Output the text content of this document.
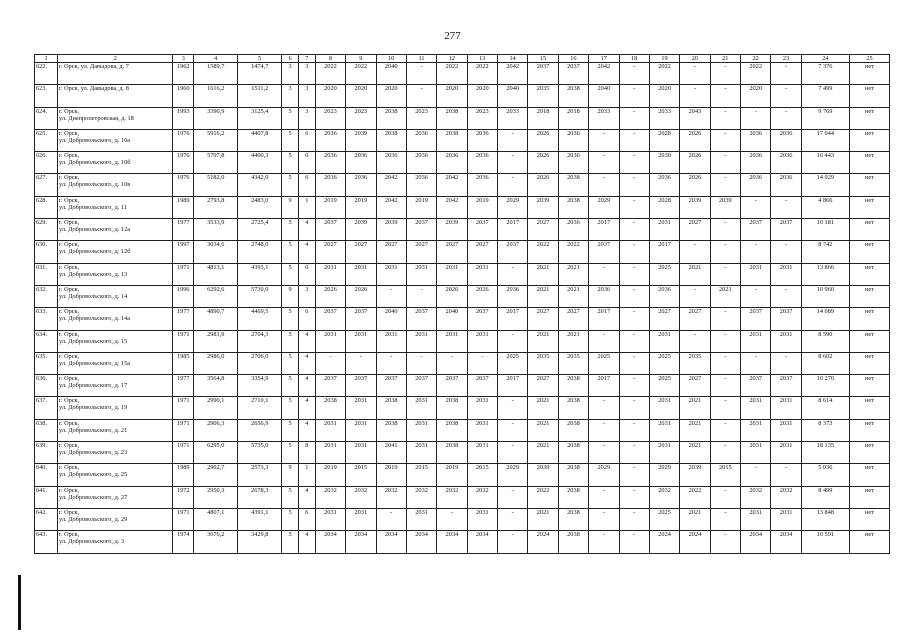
277
1	2	3	4	5	6	7	8	9	10	11	12	13	14	15	16	17	18	19	20	21	22	23	24	25
622.	г. Орск, ул. Давыдова, д. 7	1962	1589,7	1474,7	3	3	2022	2022	2040	-	2022	2022	2042	2037	2037	2042	-	2022	-	-	2022	-	7 376	нет
623.	г. Орск, ул. Давыдова, д. 8	1960	1616,2	1511,2	3	3	2020	2020	2020	-	2020	2020	2040	2035	2038	2040	-	2020	-	-	2020	-	7 499	нет
624.	г. Орск,
ул. Днепропетровская, д. 18	1993	3390,9	3125,4	5	3	2023	2023	2038	2023	2038	2023	2033	2018	2018	2033	-	2033	2043	-	-	-	9 769	нет
625.	г. Орск,
ул. Добровольского, д. 10а	1976	5916,2	4407,8	5	6	2036	2039	2038	2036	2038	2036	-	2026	2036	-	-	2028	2026	-	2036	2036	17 044	нет
626.	г. Орск,
ул. Добровольского, д. 10б	1976	5707,8	4400,3	5	6	2036	2036	2036	2036	2036	2036	-	2026	2036	-	-	2030	2026	-	2036	2036	16 443	нет
627.	г. Орск,
ул. Добровольского, д. 10в	1976	5182,0	4342,0	5	6	2036	2036	2042	2036	2042	2036	-	2026	2038	-	-	2036	2026	-	2036	2036	14 929	нет
628.	г. Орск,
ул. Добровольского, д. 11	1989	2793,8	2483,0	9	1	2019	2019	2042	2019	2042	2019	2029	2039	2038	2029	-	2028	2039	2039	-	-	4 866	нет
629.	г. Орск,
ул. Добровольского, д. 12а	1977	3533,9	2725,4	5	4	2037	2039	2039	2037	2039	2037	2017	2027	2036	2017	-	2031	2027	-	2037	2037	10 181	нет
630.	г. Орск,
ул. Добровольского, д. 12б	1997	3034,6	2748,0	5	4	2027	2027	2027	2027	2027	2027	2037	2022	2022	2037	-	2017	-	-	-	-	8 742	нет
631.	г. Орск,
ул. Добровольского, д. 13	1971	4813,1	4393,1	5	6	2031	2031	2031	2031	2031	2031	-	2021	2021	-	-	2025	2021	-	2031	2031	13 866	нет
632.	г. Орск,
ул. Добровольского, д. 14	1996	6292,6	5730,0	9	3	2026	2026	-	-	2026	2026	2036	2021	2021	2036	-	2036	-	2021	-	-	10 960	нет
633.	г. Орск,
ул. Добровольского, д. 14а	1977	4890,7	4469,5	5	6	2037	2037	2040	2037	2040	2037	2017	2027	2027	2017	-	2027	2027	-	2037	2037	14 089	нет
634.	г. Орск,
ул. Добровольского, д. 15	1971	2981,9	2704,3	5	4	2031	2031	2031	2031	2031	2031	-	2021	2021	-	-	2031	-	-	2031	2031	8 590	нет
635.	г. Орск,
ул. Добровольского, д. 15а	1985	2986,0	2706,0	5	4	-	-	-	-	-	-	2025	2035	2035	2025	-	2025	2035	-	-	-	8 602	нет
636.	г. Орск,
ул. Добровольского, д. 17	1977	3564,8	3354,9	5	4	2037	2037	2037	2037	2037	2037	2017	2027	2038	2017	-	2025	2027	-	2037	2037	10 270	нет
637.	г. Орск,
ул. Добровольского, д. 19	1971	2990,1	2710,1	5	4	2038	2031	2038	2031	2038	2031	-	2021	2038	-	-	2031	2021	-	2031	2031	8 614	нет
638.	г. Орск,
ул. Добровольского, д. 21	1971	2906,3	2656,9	5	4	2031	2031	2038	2031	2038	2031	-	2021	2038	-	-	2031	2021	-	2031	2031	8 373	нет
639.	г. Орск,
ул. Добровольского, д. 23	1971	6295,0	5735,0	5	8	2031	2031	2041	2031	2038	2031	-	2021	2038	-	-	2031	2021	-	2031	2031	18 135	нет
640.	г. Орск,
ул. Добровольского, д. 25	1989	2902,7	2573,3	9	1	2019	2015	2019	2015	2019	2015	2029	2039	2038	2029	-	2029	2039	2015	-	-	5 036	нет
641.	г. Орск,
ул. Добровольского, д. 27	1972	2950,3	2678,3	5	4	2032	2032	2032	2032	2032	2032	-	2022	2038	-	-	2032	2022	-	2032	2032	8 499	нет
642.	г. Орск,
ул. Добровольского, д. 29	1971	4807,1	4391,1	5	6	2031	2031	-	2031	-	2031	-	2021	2038	-	-	2025	2021	-	2031	2031	13 848	нет
643.	г. Орск,
ул. Добровольского, д. 3	1974	3676,2	3429,8	5	4	2034	2034	2034	2034	2034	2034	-	2024	2038	-	-	2024	2024	-	2034	2034	10 591	нет
